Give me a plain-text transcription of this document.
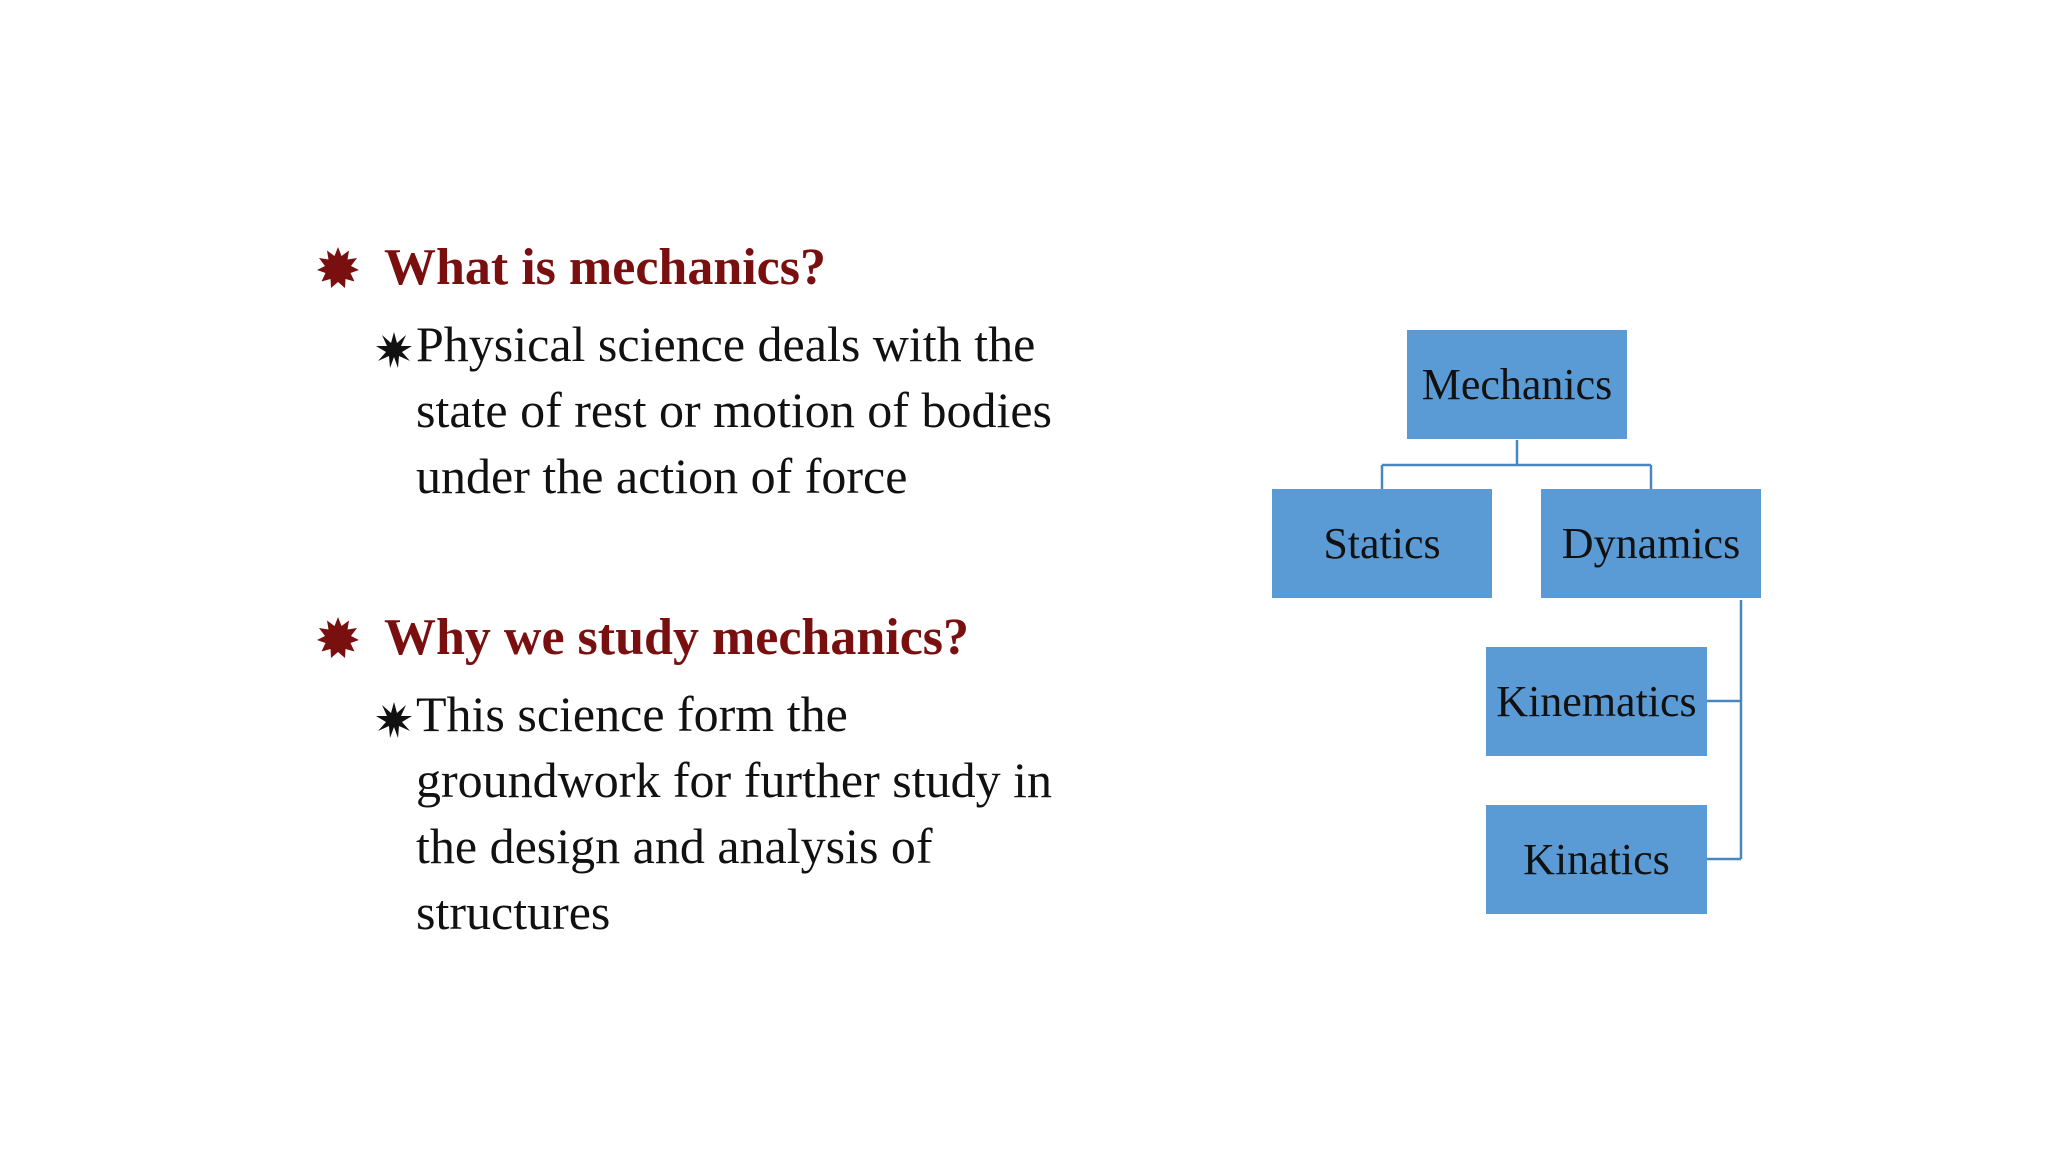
What is mechanics?
Physical science deals with the
state of rest or motion of bodies
under the action of force
Why we study mechanics?
This science form the
groundwork for further study in
the design and analysis of
structures
Mechanics
Statics	Dynamics
Kinematics
Kinatics
